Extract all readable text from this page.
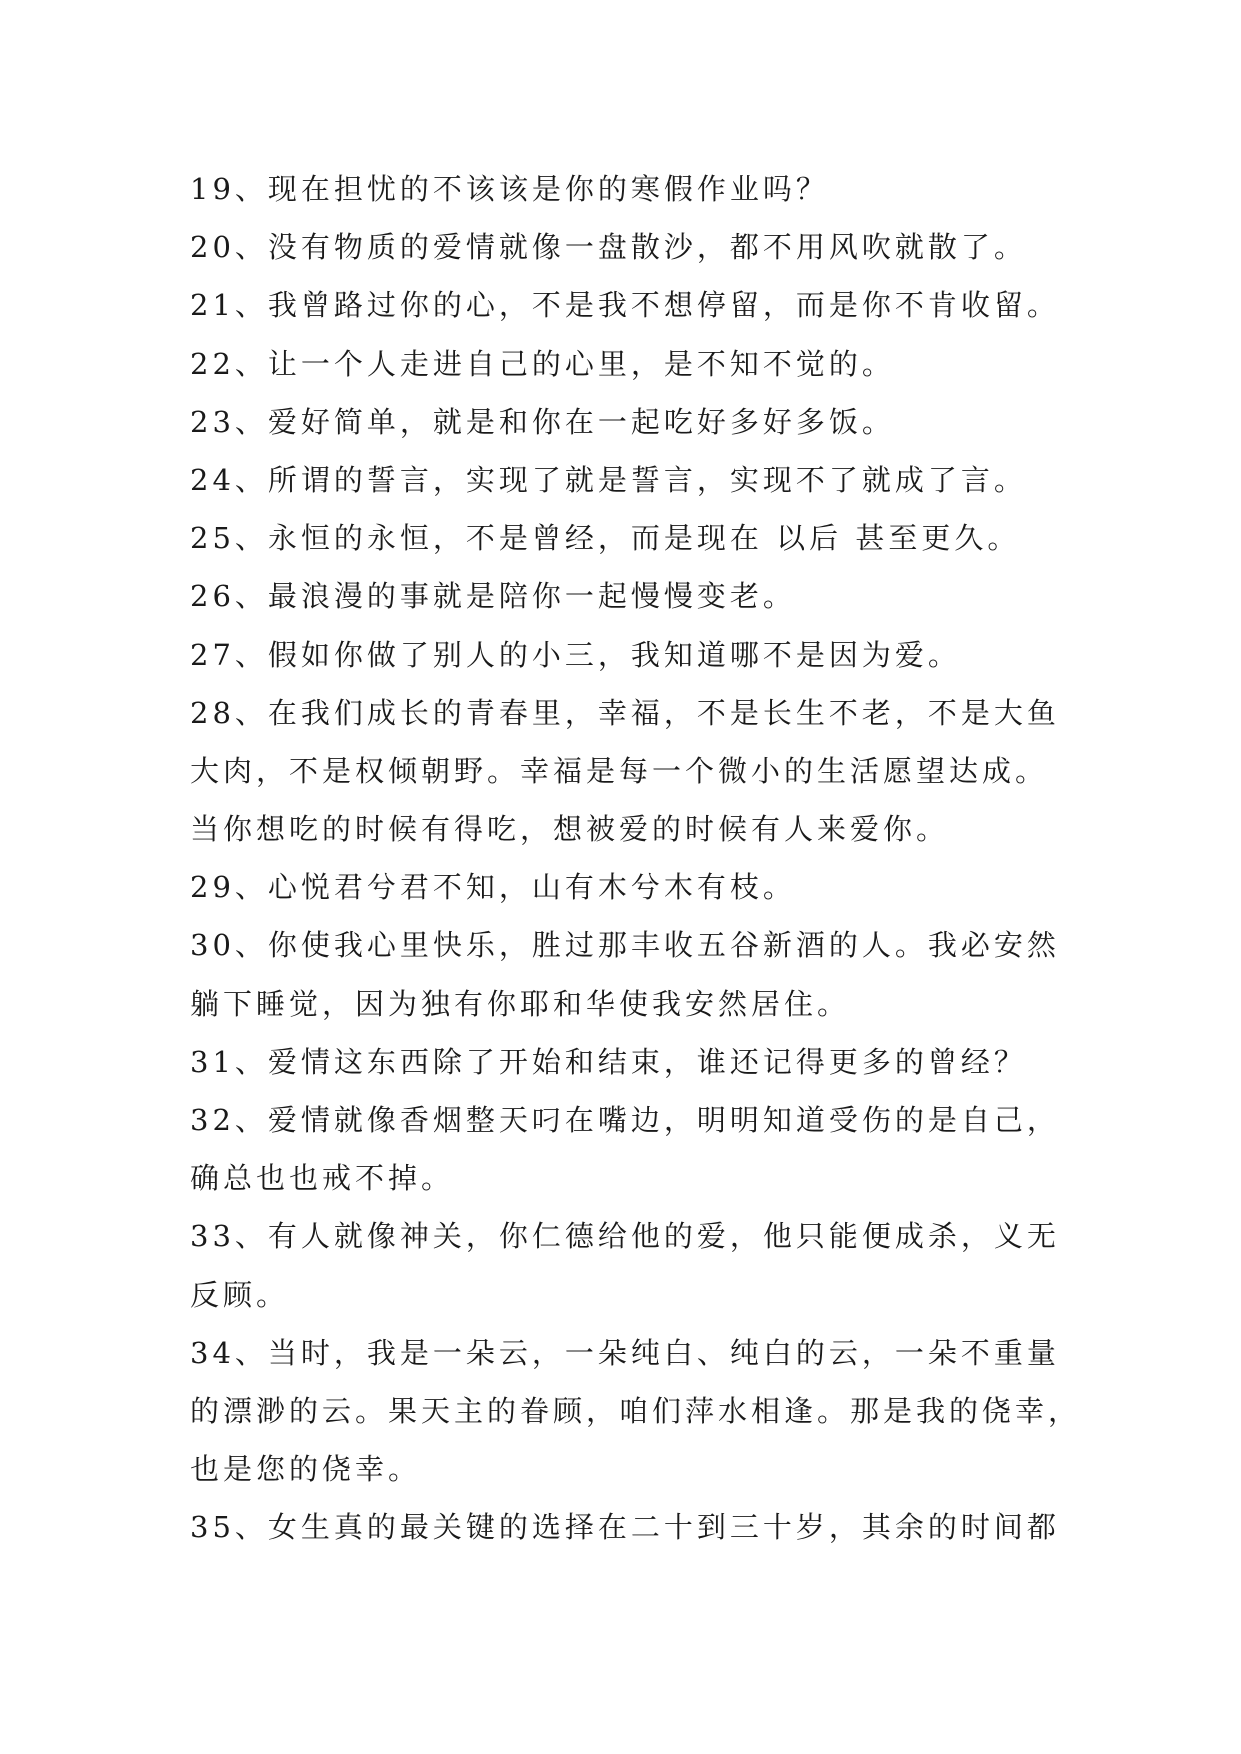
19、现在担忧的不该该是你的寒假作业吗？
20、没有物质的爱情就像一盘散沙，都不用风吹就散了。
21、我曾路过你的心，不是我不想停留，而是你不肯收留。
22、让一个人走进自己的心里，是不知不觉的。
23、爱好简单，就是和你在一起吃好多好多饭。
24、所谓的誓言，实现了就是誓言，实现不了就成了言。
25、永恒的永恒，不是曾经，而是现在 以后 甚至更久。
26、最浪漫的事就是陪你一起慢慢变老。
27、假如你做了别人的小三，我知道哪不是因为爱。
28、在我们成长的青春里，幸福，不是长生不老，不是大鱼
大肉，不是权倾朝野。幸福是每一个微小的生活愿望达成。
当你想吃的时候有得吃，想被爱的时候有人来爱你。
29、心悦君兮君不知，山有木兮木有枝。
30、你使我心里快乐，胜过那丰收五谷新酒的人。我必安然
躺下睡觉，因为独有你耶和华使我安然居住。
31、爱情这东西除了开始和结束，谁还记得更多的曾经？
32、爱情就像香烟整天叼在嘴边，明明知道受伤的是自己，
确总也也戒不掉。
33、有人就像神关，你仁德给他的爱，他只能便成杀，义无
反顾。
34、当时，我是一朵云，一朵纯白、纯白的云，一朵不重量
的漂渺的云。果天主的眷顾，咱们萍水相逢。那是我的侥幸，
也是您的侥幸。
35、女生真的最关键的选择在二十到三十岁，其余的时间都
